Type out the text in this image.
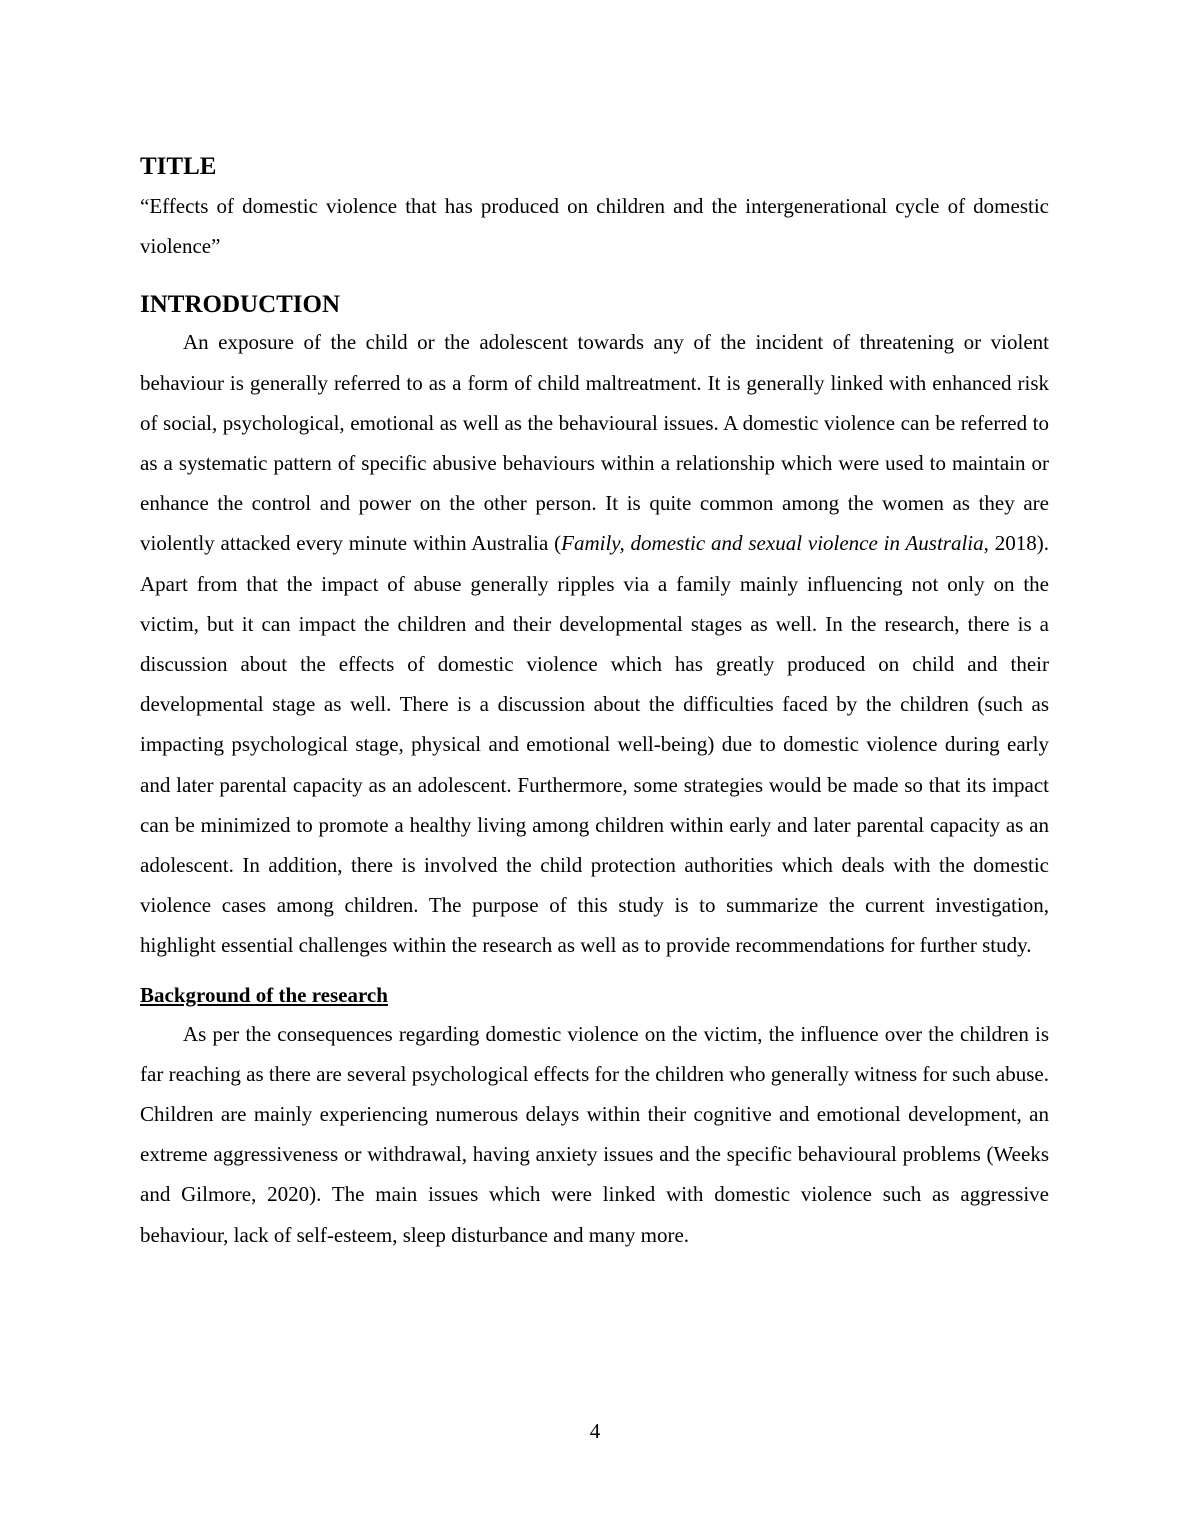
TITLE

“Effects of domestic violence that has produced on children and the intergenerational cycle of domestic violence”

INTRODUCTION

An exposure of the child or the adolescent towards any of the incident of threatening or violent behaviour is generally referred to as a form of child maltreatment. It is generally linked with enhanced risk of social, psychological, emotional as well as the behavioural issues. A domestic violence can be referred to as a systematic pattern of specific abusive behaviours within a relationship which were used to maintain or enhance the control and power on the other person. It is quite common among the women as they are violently attacked every minute within Australia (Family, domestic and sexual violence in Australia, 2018). Apart from that the impact of abuse generally ripples via a family mainly influencing not only on the victim, but it can impact the children and their developmental stages as well. In the research, there is a discussion about the effects of domestic violence which has greatly produced on child and their developmental stage as well. There is a discussion about the difficulties faced by the children (such as impacting psychological stage, physical and emotional well-being) due to domestic violence during early and later parental capacity as an adolescent. Furthermore, some strategies would be made so that its impact can be minimized to promote a healthy living among children within early and later parental capacity as an adolescent. In addition, there is involved the child protection authorities which deals with the domestic violence cases among children. The purpose of this study is to summarize the current investigation, highlight essential challenges within the research as well as to provide recommendations for further study.

Background of the research

As per the consequences regarding domestic violence on the victim, the influence over the children is far reaching as there are several psychological effects for the children who generally witness for such abuse. Children are mainly experiencing numerous delays within their cognitive and emotional development, an extreme aggressiveness or withdrawal, having anxiety issues and the specific behavioural problems (Weeks and Gilmore, 2020). The main issues which were linked with domestic violence such as aggressive behaviour, lack of self-esteem, sleep disturbance and many more.

4
